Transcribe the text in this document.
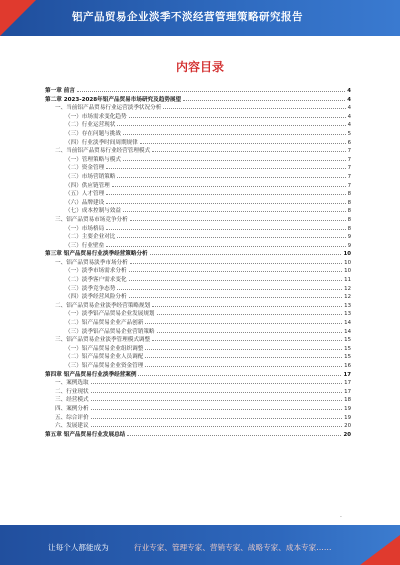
铝产品贸易企业淡季不淡经营管理策略研究报告
内容目录
第一章 前言	4
第二章 2023-2028年铝产品贸易市场研究及趋势展望	4
一、当前铝产品贸易行业运营淡季状况分析	4
（一）市场需求变化趋势	4
（二）行业运营现状	4
（三）存在问题与挑战	5
（四）行业淡季时间周期规律	6
二、当前铝产品贸易行业经营管理模式	7
（一）管理策略与模式	7
（二）资金管理	7
（三）市场营销策略	7
（四）供应链管理	7
（五）人才管理	8
（六）品牌建设	8
（七）成本控制与效益	8
三、铝产品贸易市场竞争分析	8
（一）市场格局	8
（二）主要企业对比	9
（三）行业壁垒	9
第三章 铝产品贸易行业淡季经营策略分析	10
一、铝产品贸易淡季市场分析	10
（一）淡季市场需求分析	10
（二）淡季客户需求变化	11
（三）淡季竞争态势	12
（四）淡季经营风险分析	12
二、铝产品贸易企业淡季经营策略规划	13
（一）淡季铝产品贸易企业发展规划	13
（二）铝产品贸易企业产品创新	14
（三）淡季铝产品贸易企业营销策略	14
三、铝产品贸易企业淡季管理模式调整	15
（一）铝产品贸易企业组织调整	15
（二）铝产品贸易企业人员调配	15
（三）铝产品贸易企业资金管理	16
第四章 铝产品贸易行业淡季经营案例	17
一、案例选取	17
二、行业现状	17
三、经营模式	18
四、案例分析	19
五、综合评价	19
六、发展建议	20
第五章 铝产品贸易行业发展总结	20
-
让每个人都能成为	行业专家、管理专家、营销专家、战略专家、成本专家……
